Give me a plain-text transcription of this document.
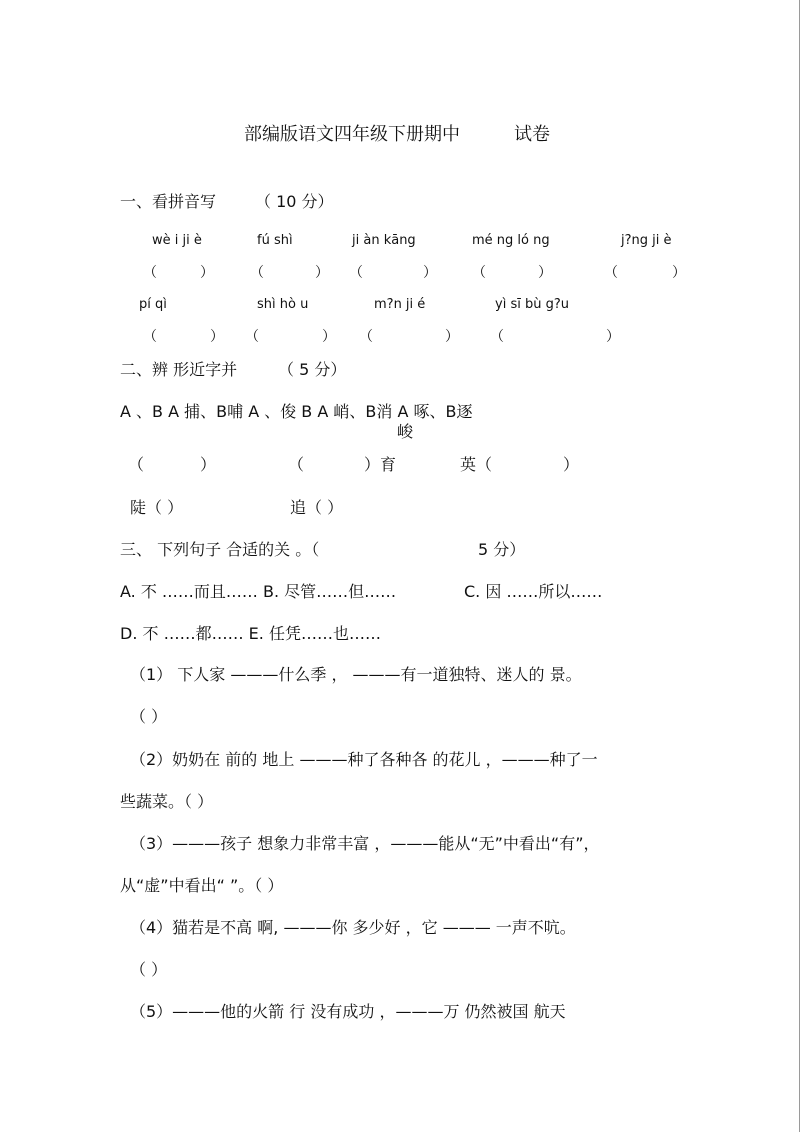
部编版语文四年级下册期中	试卷
一、看拼音写 （ 10 分）
wè i ji è	fú shì	ji àn kāng	mé ng ló ng	j?ng ji è
（	）	（	） （	）	（	）	（	）
pí qì	shì hò u	m?n ji é	yì sī bù g?u
（	） （	） （	） （	）
二、辨 形近字并	（ 5 分）
A 、B A 捕、B哺 A 、俊 B A 峭、B消 A 啄、B逐
峻
（	）	（	）育	英（	）
陡（ ）	追（ ）
三、 下列句子 合适的关 。（	5 分）
A. 不 ……而且…… B. 尽管……但……	C. 因 ……所以……
D. 不 ……都…… E. 任凭……也……
（1） 下人家 ———什么季 ， ———有一道独特、迷人的 景。
（ ）
（2）奶奶在 前的 地上 ———种了各种各 的花儿 ，———种了一
些蔬菜。（ ）
（3）———孩子 想象力非常丰富 ，———能从“无”中看出“有”，
从“虚”中看出“ ”。（ ）
（4）猫若是不高 啊, ———你 多少好 ，它 ——— 一声不吭。
（ ）
（5）———他的火箭 行 没有成功 ，———万 仍然被国 航天
